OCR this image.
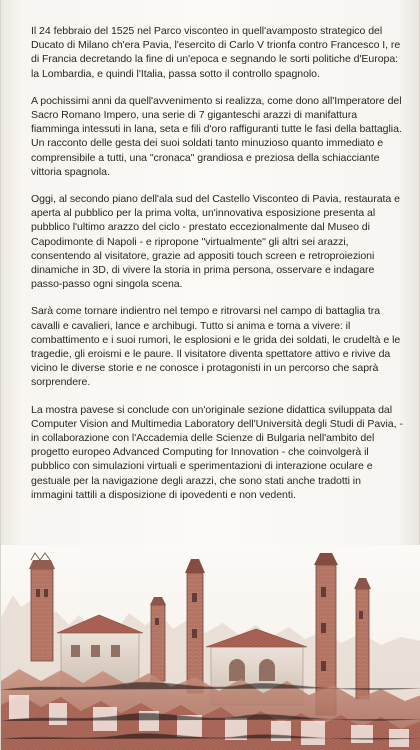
Il 24 febbraio del 1525 nel Parco visconteo in quell'avamposto strategico del Ducato di Milano ch'era Pavia, l'esercito di Carlo V trionfa contro Francesco I, re di Francia decretando la fine di un'epoca e segnando le sorti politiche d'Europa: la Lombardia, e quindi l'Italia, passa sotto il controllo spagnolo.

A pochissimi anni da quell'avvenimento si realizza, come dono all'Imperatore del Sacro Romano Impero, una serie di 7 giganteschi arazzi di manifattura fiamminga intessuti in lana, seta e fili d'oro raffiguranti tutte le fasi della battaglia. Un racconto delle gesta dei suoi soldati tanto minuzioso quanto immediato e comprensibile a tutti, una "cronaca" grandiosa e preziosa della schiacciante vittoria spagnola.

Oggi, al secondo piano dell'ala sud del Castello Visconteo di Pavia, restaurata e aperta al pubblico per la prima volta, un'innovativa esposizione presenta al pubblico l'ultimo arazzo del ciclo - prestato eccezionalmente dal Museo di Capodimonte di Napoli - e ripropone "virtualmente" gli altri sei arazzi, consentendo al visitatore, grazie ad appositi touch screen e retroproiezioni dinamiche in 3D, di vivere la storia in prima persona, osservare e indagare passo-passo ogni singola scena.

Sarà come tornare indientro nel tempo e ritrovarsi nel campo di battaglia tra cavalli e cavalieri, lance e archibugi. Tutto si anima e torna a vivere: il combattimento e i suoi rumori, le esplosioni e le grida dei soldati, le crudeltà e le tragedie, gli eroismi e le paure. Il visitatore diventa spettatore attivo e rivive da vicino le diverse storie e ne conosce i protagonisti in un percorso che saprà sorprendere.

La mostra pavese si conclude con un'originale sezione didattica sviluppata dal Computer Vision and Multimedia Laboratory dell'Università degli Studi di Pavia, - in collaborazione con l'Accademia delle Scienze di Bulgaria nell'ambito del progetto europeo Advanced Computing for Innovation - che coinvolgerà il pubblico con simulazioni virtuali e sperimentazioni di interazione oculare e gestuale per la navigazione degli arazzi, che sono stati anche tradotti in immagini tattili a disposizione di ipovedenti e non vedenti.
